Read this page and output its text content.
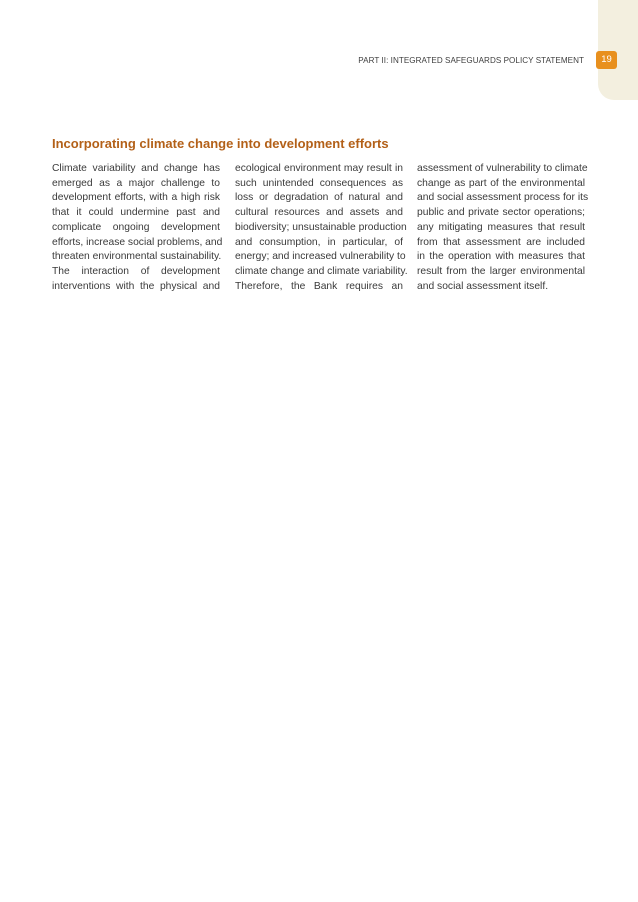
PART II: INTEGRATED SAFEGUARDS POLICY STATEMENT	19
Incorporating climate change into development efforts

Climate variability and change has
emerged as a major challenge to
development efforts, with a high risk
that it could undermine past and
complicate ongoing development
efforts, increase social problems, and
threaten environmental sustainability.
The interaction of development
interventions with the physical and

ecological environment may result in
such unintended consequences as
loss or degradation of natural and
cultural resources and assets and
biodiversity; unsustainable production
and consumption, in particular, of
energy; and increased vulnerability to
climate change and climate variability.
Therefore, the Bank requires an

assessment of vulnerability to climate
change as part of the environmental
and social assessment process for its
public and private sector operations;
any mitigating measures that result
from that assessment are included
in the operation with measures that
result from the larger environmental
and social assessment itself.
